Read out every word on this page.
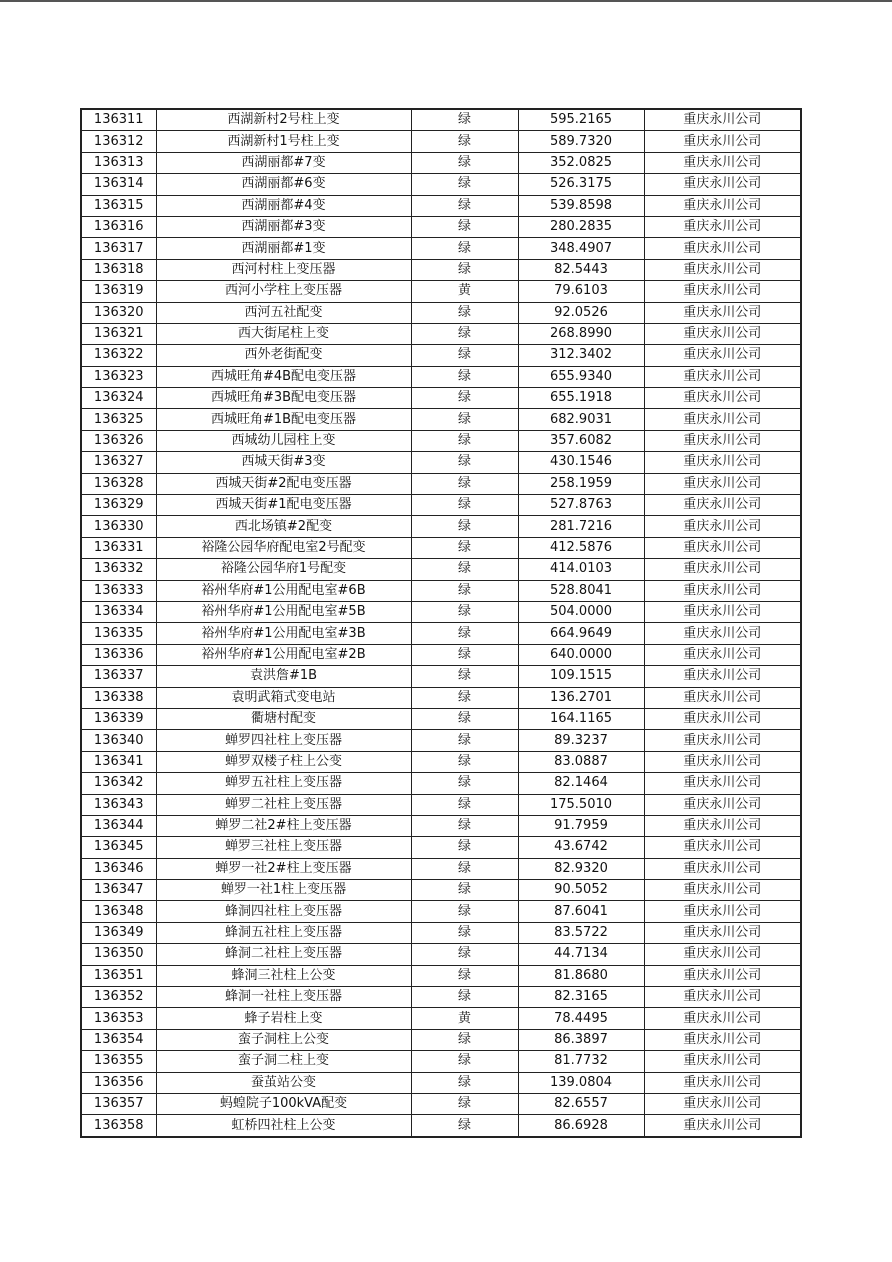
136311	西湖新村2号柱上变	绿	595.2165	重庆永川公司
136312	西湖新村1号柱上变	绿	589.7320	重庆永川公司
136313	西湖丽都#7变	绿	352.0825	重庆永川公司
136314	西湖丽都#6变	绿	526.3175	重庆永川公司
136315	西湖丽都#4变	绿	539.8598	重庆永川公司
136316	西湖丽都#3变	绿	280.2835	重庆永川公司
136317	西湖丽都#1变	绿	348.4907	重庆永川公司
136318	西河村柱上变压器	绿	82.5443	重庆永川公司
136319	西河小学柱上变压器	黄	79.6103	重庆永川公司
136320	西河五社配变	绿	92.0526	重庆永川公司
136321	西大街尾柱上变	绿	268.8990	重庆永川公司
136322	西外老街配变	绿	312.3402	重庆永川公司
136323	西城旺角#4B配电变压器	绿	655.9340	重庆永川公司
136324	西城旺角#3B配电变压器	绿	655.1918	重庆永川公司
136325	西城旺角#1B配电变压器	绿	682.9031	重庆永川公司
136326	西城幼儿园柱上变	绿	357.6082	重庆永川公司
136327	西城天街#3变	绿	430.1546	重庆永川公司
136328	西城天街#2配电变压器	绿	258.1959	重庆永川公司
136329	西城天街#1配电变压器	绿	527.8763	重庆永川公司
136330	西北场镇#2配变	绿	281.7216	重庆永川公司
136331	裕隆公园华府配电室2号配变	绿	412.5876	重庆永川公司
136332	裕隆公园华府1号配变	绿	414.0103	重庆永川公司
136333	裕州华府#1公用配电室#6B	绿	528.8041	重庆永川公司
136334	裕州华府#1公用配电室#5B	绿	504.0000	重庆永川公司
136335	裕州华府#1公用配电室#3B	绿	664.9649	重庆永川公司
136336	裕州华府#1公用配电室#2B	绿	640.0000	重庆永川公司
136337	袁洪詹#1B	绿	109.1515	重庆永川公司
136338	袁明武箱式变电站	绿	136.2701	重庆永川公司
136339	衢塘村配变	绿	164.1165	重庆永川公司
136340	蝉罗四社柱上变压器	绿	89.3237	重庆永川公司
136341	蝉罗双楼子柱上公变	绿	83.0887	重庆永川公司
136342	蝉罗五社柱上变压器	绿	82.1464	重庆永川公司
136343	蝉罗二社柱上变压器	绿	175.5010	重庆永川公司
136344	蝉罗二社2#柱上变压器	绿	91.7959	重庆永川公司
136345	蝉罗三社柱上变压器	绿	43.6742	重庆永川公司
136346	蝉罗一社2#柱上变压器	绿	82.9320	重庆永川公司
136347	蝉罗一社1柱上变压器	绿	90.5052	重庆永川公司
136348	蜂洞四社柱上变压器	绿	87.6041	重庆永川公司
136349	蜂洞五社柱上变压器	绿	83.5722	重庆永川公司
136350	蜂洞二社柱上变压器	绿	44.7134	重庆永川公司
136351	蜂洞三社柱上公变	绿	81.8680	重庆永川公司
136352	蜂洞一社柱上变压器	绿	82.3165	重庆永川公司
136353	蜂子岩柱上变	黄	78.4495	重庆永川公司
136354	蛮子洞柱上公变	绿	86.3897	重庆永川公司
136355	蛮子洞二柱上变	绿	81.7732	重庆永川公司
136356	蚕茧站公变	绿	139.0804	重庆永川公司
136357	蚂蝗院子100kVA配变	绿	82.6557	重庆永川公司
136358	虹桥四社柱上公变	绿	86.6928	重庆永川公司
